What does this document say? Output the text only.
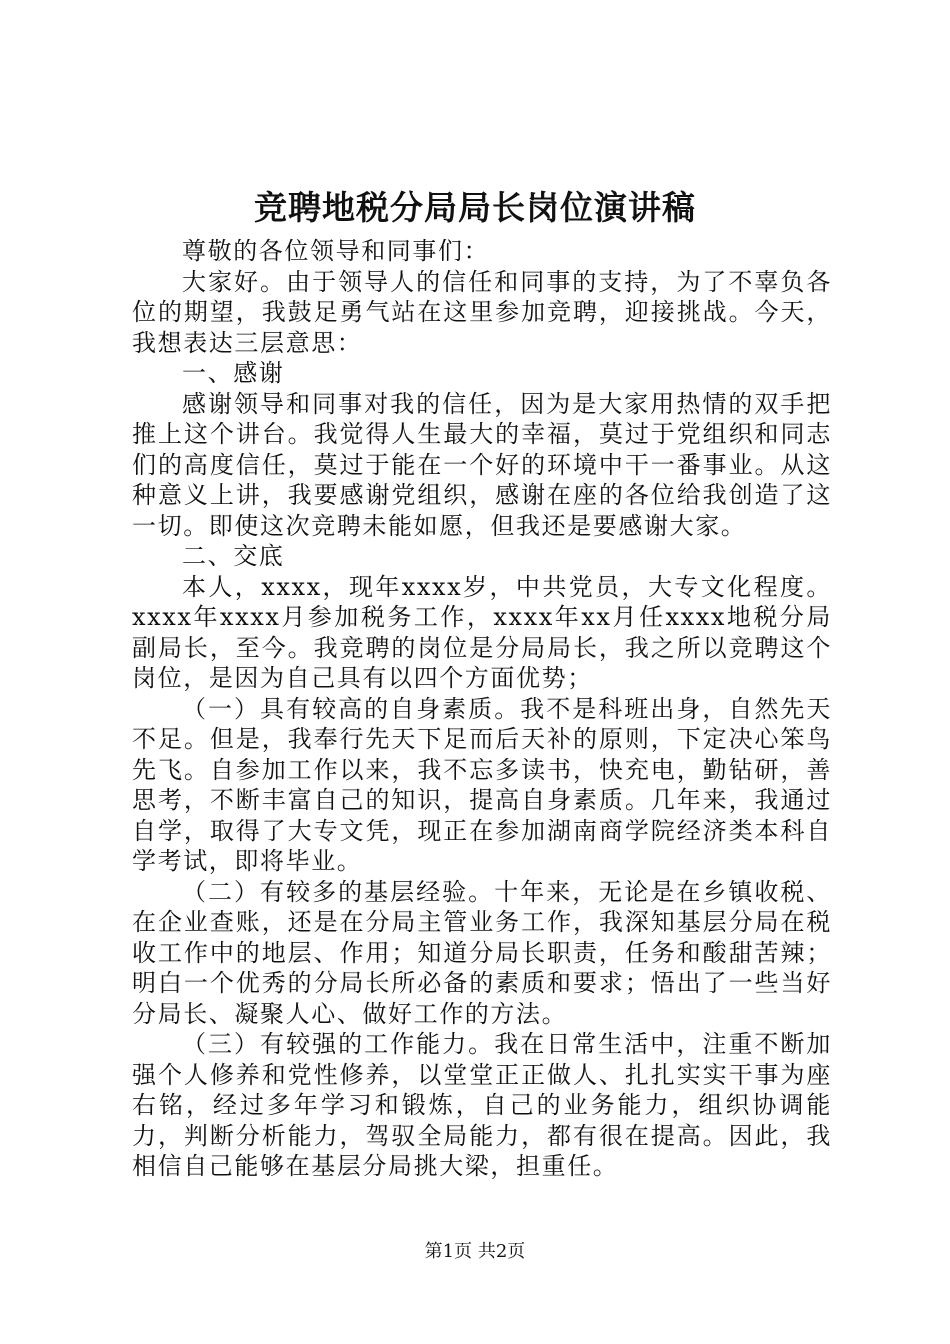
竞聘地税分局局长岗位演讲稿

尊敬的各位领导和同事们：

大家好。由于领导人的信任和同事的支持，为了不辜负各位的期望，我鼓足勇气站在这里参加竞聘，迎接挑战。今天，我想表达三层意思：

一、感谢

感谢领导和同事对我的信任，因为是大家用热情的双手把推上这个讲台。我觉得人生最大的幸福，莫过于党组织和同志们的高度信任，莫过于能在一个好的环境中干一番事业。从这种意义上讲，我要感谢党组织，感谢在座的各位给我创造了这一切。即使这次竞聘未能如愿，但我还是要感谢大家。

二、交底

本人，xxxx，现年xxxx岁，中共党员，大专文化程度。xxxx年xxxx月参加税务工作，xxxx年xx月任xxxx地税分局副局长，至今。我竞聘的岗位是分局局长，我之所以竞聘这个岗位，是因为自己具有以四个方面优势；

（一）具有较高的自身素质。我不是科班出身，自然先天不足。但是，我奉行先天下足而后天补的原则，下定决心笨鸟先飞。自参加工作以来，我不忘多读书，快充电，勤钻研，善思考，不断丰富自己的知识，提高自身素质。几年来，我通过自学，取得了大专文凭，现正在参加湖南商学院经济类本科自学考试，即将毕业。

（二）有较多的基层经验。十年来，无论是在乡镇收税、在企业查账，还是在分局主管业务工作，我深知基层分局在税收工作中的地层、作用；知道分局长职责，任务和酸甜苦辣；明白一个优秀的分局长所必备的素质和要求；悟出了一些当好分局长、凝聚人心、做好工作的方法。

（三）有较强的工作能力。我在日常生活中，注重不断加强个人修养和党性修养，以堂堂正正做人、扎扎实实干事为座右铭，经过多年学习和锻炼，自己的业务能力，组织协调能力，判断分析能力，驾驭全局能力，都有很在提高。因此，我相信自己能够在基层分局挑大梁，担重任。

第1页 共2页
